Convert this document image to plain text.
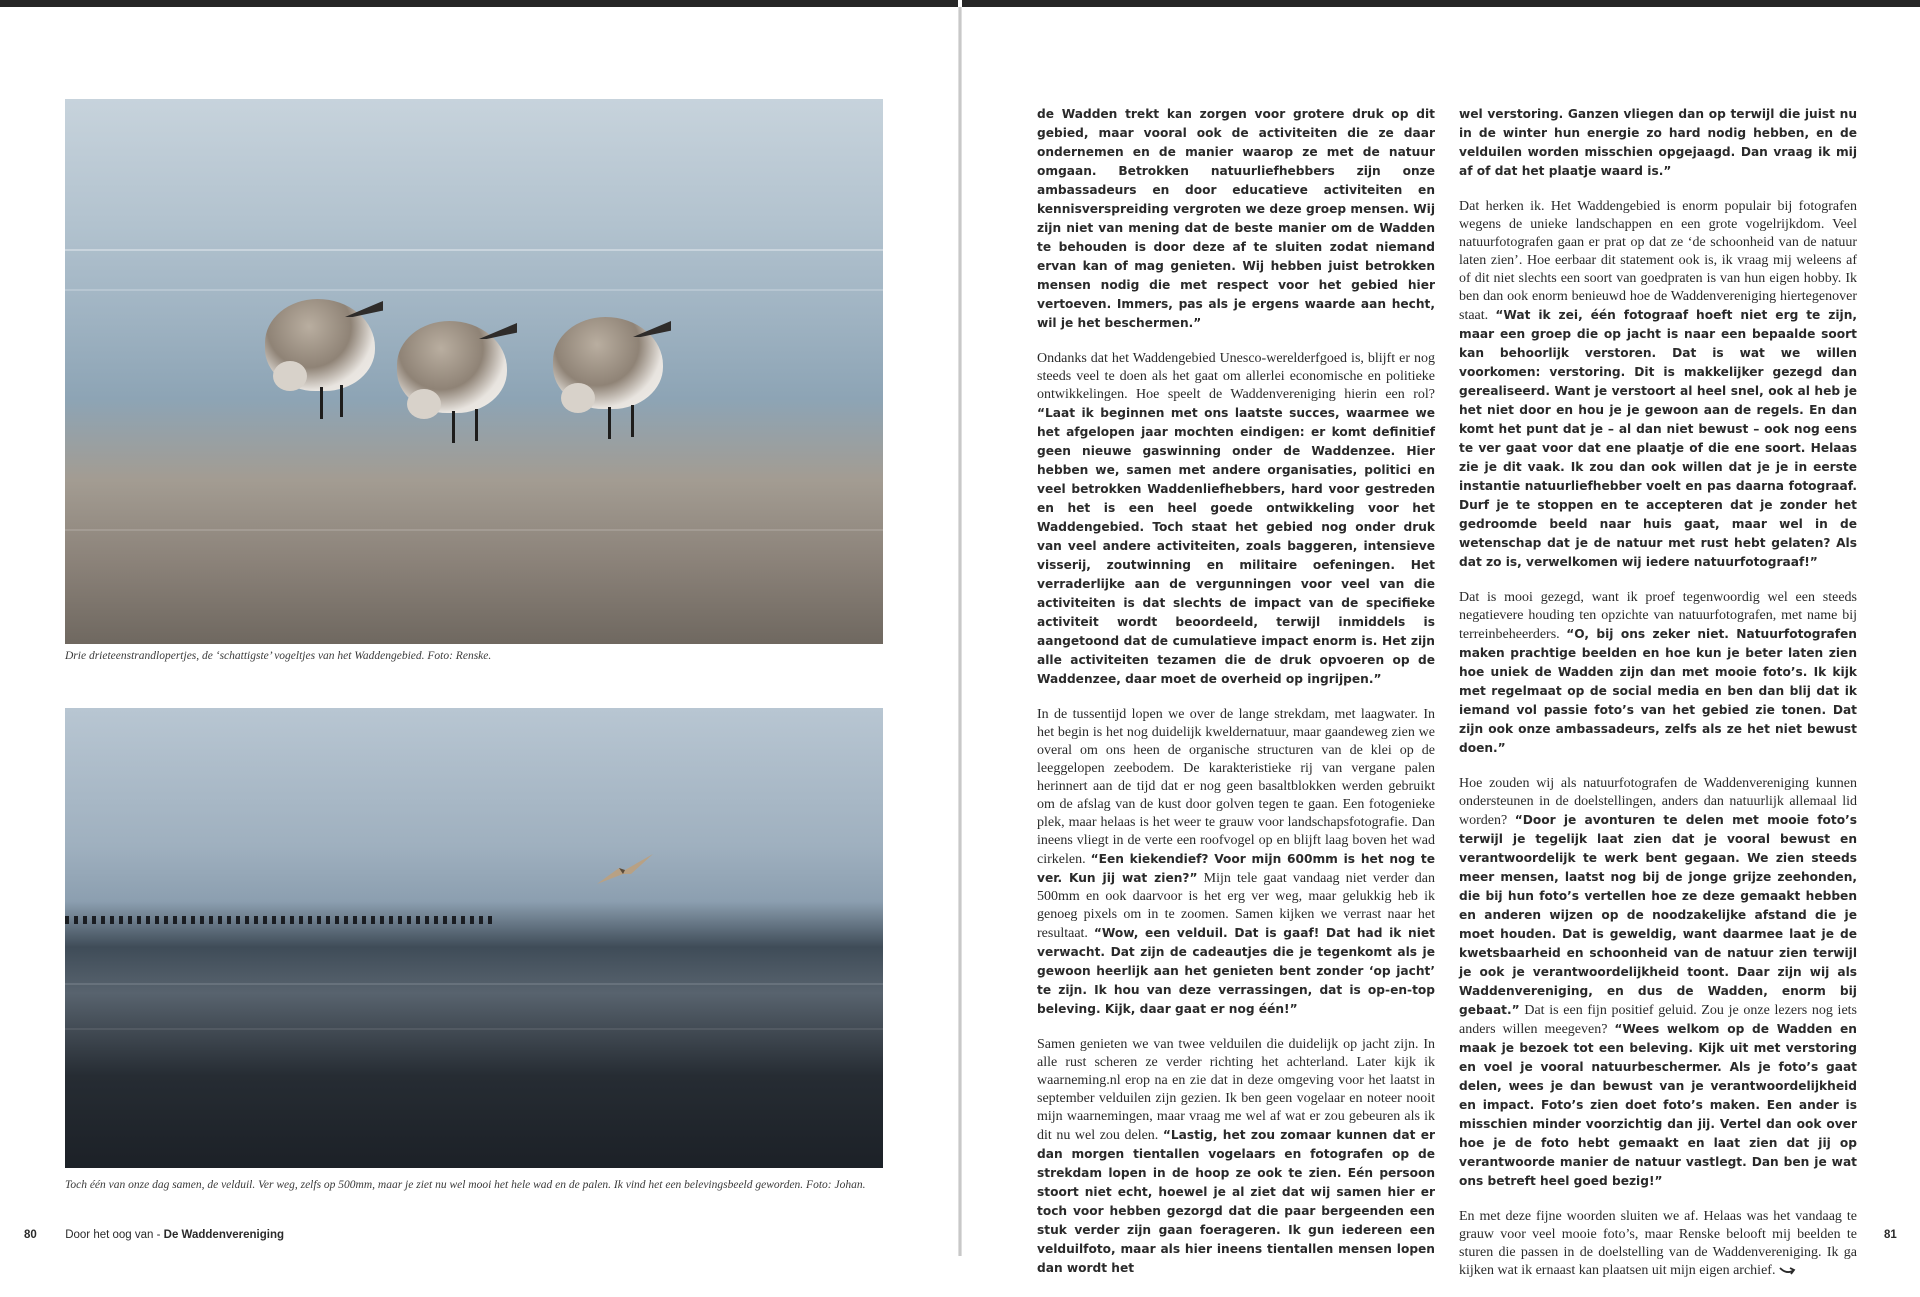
Drie drieteenstrandlopertjes, de ‘schattigste’ vogeltjes van het Waddengebied. Foto: Renske.

Toch één van onze dag samen, de velduil. Ver weg, zelfs op 500mm, maar je ziet nu wel mooi het hele wad en de palen. Ik vind het een belevingsbeeld geworden. Foto: Johan.

80 Door het oog van - De Waddenvereniging

de Wadden trekt kan zorgen voor grotere druk op dit gebied, maar vooral ook de activiteiten die ze daar ondernemen en de manier waarop ze met de natuur omgaan. Betrokken natuurliefhebbers zijn onze ambassadeurs en door educatieve activiteiten en kennisverspreiding vergroten we deze groep mensen. Wij zijn niet van mening dat de beste manier om de Wadden te behouden is door deze af te sluiten zodat niemand ervan kan of mag genieten. Wij hebben juist betrokken mensen nodig die met respect voor het gebied hier vertoeven. Immers, pas als je ergens waarde aan hecht, wil je het beschermen.”

Ondanks dat het Waddengebied Unesco-werelderfgoed is, blijft er nog steeds veel te doen als het gaat om allerlei economische en politieke ontwikkelingen. Hoe speelt de Waddenvereniging hierin een rol? “Laat ik beginnen met ons laatste succes, waarmee we het afgelopen jaar mochten eindigen: er komt definitief geen nieuwe gaswinning onder de Waddenzee. Hier hebben we, samen met andere organisaties, politici en veel betrokken Waddenliefhebbers, hard voor gestreden en het is een heel goede ontwikkeling voor het Waddengebied. Toch staat het gebied nog onder druk van veel andere activiteiten, zoals baggeren, intensieve visserij, zoutwinning en militaire oefeningen. Het verraderlijke aan de vergunningen voor veel van die activiteiten is dat slechts de impact van de specifieke activiteit wordt beoordeeld, terwijl inmiddels is aangetoond dat de cumulatieve impact enorm is. Het zijn alle activiteiten tezamen die de druk opvoeren op de Waddenzee, daar moet de overheid op ingrijpen.”

In de tussentijd lopen we over de lange strekdam, met laagwater. In het begin is het nog duidelijk kweldernatuur, maar gaandeweg zien we overal om ons heen de organische structuren van de klei op de leeggelopen zeebodem. De karakteristieke rij van vergane palen herinnert aan de tijd dat er nog geen basaltblokken werden gebruikt om de afslag van de kust door golven tegen te gaan. Een fotogenieke plek, maar helaas is het weer te grauw voor landschapsfotografie. Dan ineens vliegt in de verte een roofvogel op en blijft laag boven het wad cirkelen. “Een kiekendief? Voor mijn 600mm is het nog te ver. Kun jij wat zien?” Mijn tele gaat vandaag niet verder dan 500mm en ook daarvoor is het erg ver weg, maar gelukkig heb ik genoeg pixels om in te zoomen. Samen kijken we verrast naar het resultaat. “Wow, een velduil. Dat is gaaf! Dat had ik niet verwacht. Dat zijn de cadeautjes die je tegenkomt als je gewoon heerlijk aan het genieten bent zonder ‘op jacht’ te zijn. Ik hou van deze verrassingen, dat is op-en-top beleving. Kijk, daar gaat er nog één!”

Samen genieten we van twee velduilen die duidelijk op jacht zijn. In alle rust scheren ze verder richting het achterland. Later kijk ik waarneming.nl erop na en zie dat in deze omgeving voor het laatst in september velduilen zijn gezien. Ik ben geen vogelaar en noteer nooit mijn waarnemingen, maar vraag me wel af wat er zou gebeuren als ik dit nu wel zou delen. “Lastig, het zou zomaar kunnen dat er dan morgen tientallen vogelaars en fotografen op de strekdam lopen in de hoop ze ook te zien. Eén persoon stoort niet echt, hoewel je al ziet dat wij samen hier er toch voor hebben gezorgd dat die paar bergeenden een stuk verder zijn gaan foerageren. Ik gun iedereen een velduilfoto, maar als hier ineens tientallen mensen lopen dan wordt het

wel verstoring. Ganzen vliegen dan op terwijl die juist nu in de winter hun energie zo hard nodig hebben, en de velduilen worden misschien opgejaagd. Dan vraag ik mij af of dat het plaatje waard is.”

Dat herken ik. Het Waddengebied is enorm populair bij fotografen wegens de unieke landschappen en een grote vogelrijkdom. Veel natuurfotografen gaan er prat op dat ze ‘de schoonheid van de natuur laten zien’. Hoe eerbaar dit statement ook is, ik vraag mij weleens af of dit niet slechts een soort van goedpraten is van hun eigen hobby. Ik ben dan ook enorm benieuwd hoe de Waddenvereniging hiertegenover staat. “Wat ik zei, één fotograaf hoeft niet erg te zijn, maar een groep die op jacht is naar een bepaalde soort kan behoorlijk verstoren. Dat is wat we willen voorkomen: verstoring. Dit is makkelijker gezegd dan gerealiseerd. Want je verstoort al heel snel, ook al heb je het niet door en hou je je gewoon aan de regels. En dan komt het punt dat je – al dan niet bewust – ook nog eens te ver gaat voor dat ene plaatje of die ene soort. Helaas zie je dit vaak. Ik zou dan ook willen dat je je in eerste instantie natuurliefhebber voelt en pas daarna fotograaf. Durf je te stoppen en te accepteren dat je zonder het gedroomde beeld naar huis gaat, maar wel in de wetenschap dat je de natuur met rust hebt gelaten? Als dat zo is, verwelkomen wij iedere natuurfotograaf!”

Dat is mooi gezegd, want ik proef tegenwoordig wel een steeds negatievere houding ten opzichte van natuurfotografen, met name bij terreinbeheerders. “O, bij ons zeker niet. Natuurfotografen maken prachtige beelden en hoe kun je beter laten zien hoe uniek de Wadden zijn dan met mooie foto’s. Ik kijk met regelmaat op de social media en ben dan blij dat ik iemand vol passie foto’s van het gebied zie tonen. Dat zijn ook onze ambassadeurs, zelfs als ze het niet bewust doen.”

Hoe zouden wij als natuurfotografen de Waddenvereniging kunnen ondersteunen in de doelstellingen, anders dan natuurlijk allemaal lid worden? “Door je avonturen te delen met mooie foto’s terwijl je tegelijk laat zien dat je vooral bewust en verantwoordelijk te werk bent gegaan. We zien steeds meer mensen, laatst nog bij de jonge grijze zeehonden, die bij hun foto’s vertellen hoe ze deze gemaakt hebben en anderen wijzen op de noodzakelijke afstand die je moet houden. Dat is geweldig, want daarmee laat je de kwetsbaarheid en schoonheid van de natuur zien terwijl je ook je verantwoordelijkheid toont. Daar zijn wij als Waddenvereniging, en dus de Wadden, enorm bij gebaat.” Dat is een fijn positief geluid. Zou je onze lezers nog iets anders willen meegeven? “Wees welkom op de Wadden en maak je bezoek tot een beleving. Kijk uit met verstoring en voel je vooral natuurbeschermer. Als je foto’s gaat delen, wees je dan bewust van je verantwoordelijkheid en impact. Foto’s zien doet foto’s maken. Een ander is misschien minder voorzichtig dan jij. Vertel dan ook over hoe je de foto hebt gemaakt en laat zien dat jij op verantwoorde manier de natuur vastlegt. Dan ben je wat ons betreft heel goed bezig!”

En met deze fijne woorden sluiten we af. Helaas was het vandaag te grauw voor veel mooie foto’s, maar Renske belooft mij beelden te sturen die passen in de doelstelling van de Waddenvereniging. Ik ga kijken wat ik ernaast kan plaatsen uit mijn eigen archief.

81
